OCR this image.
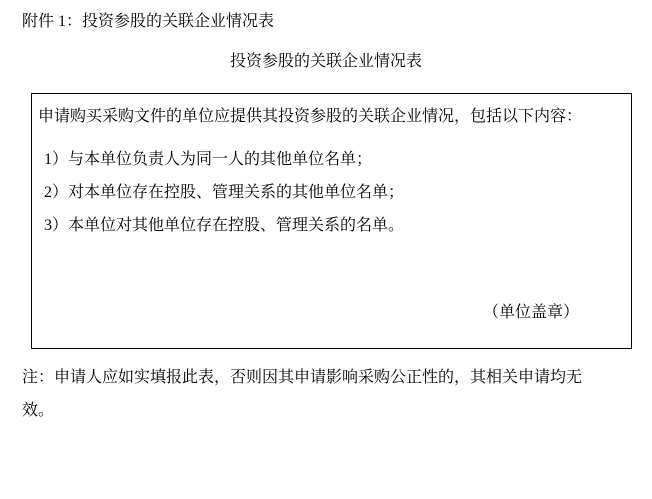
附件 1：投资参股的关联企业情况表
投资参股的关联企业情况表
申请购买采购文件的单位应提供其投资参股的关联企业情况，包括以下内容：
1）与本单位负责人为同一人的其他单位名单；
2）对本单位存在控股、管理关系的其他单位名单；
3）本单位对其他单位存在控股、管理关系的名单。
（单位盖章）
注：申请人应如实填报此表，否则因其申请影响采购公正性的，其相关申请均无
效。
